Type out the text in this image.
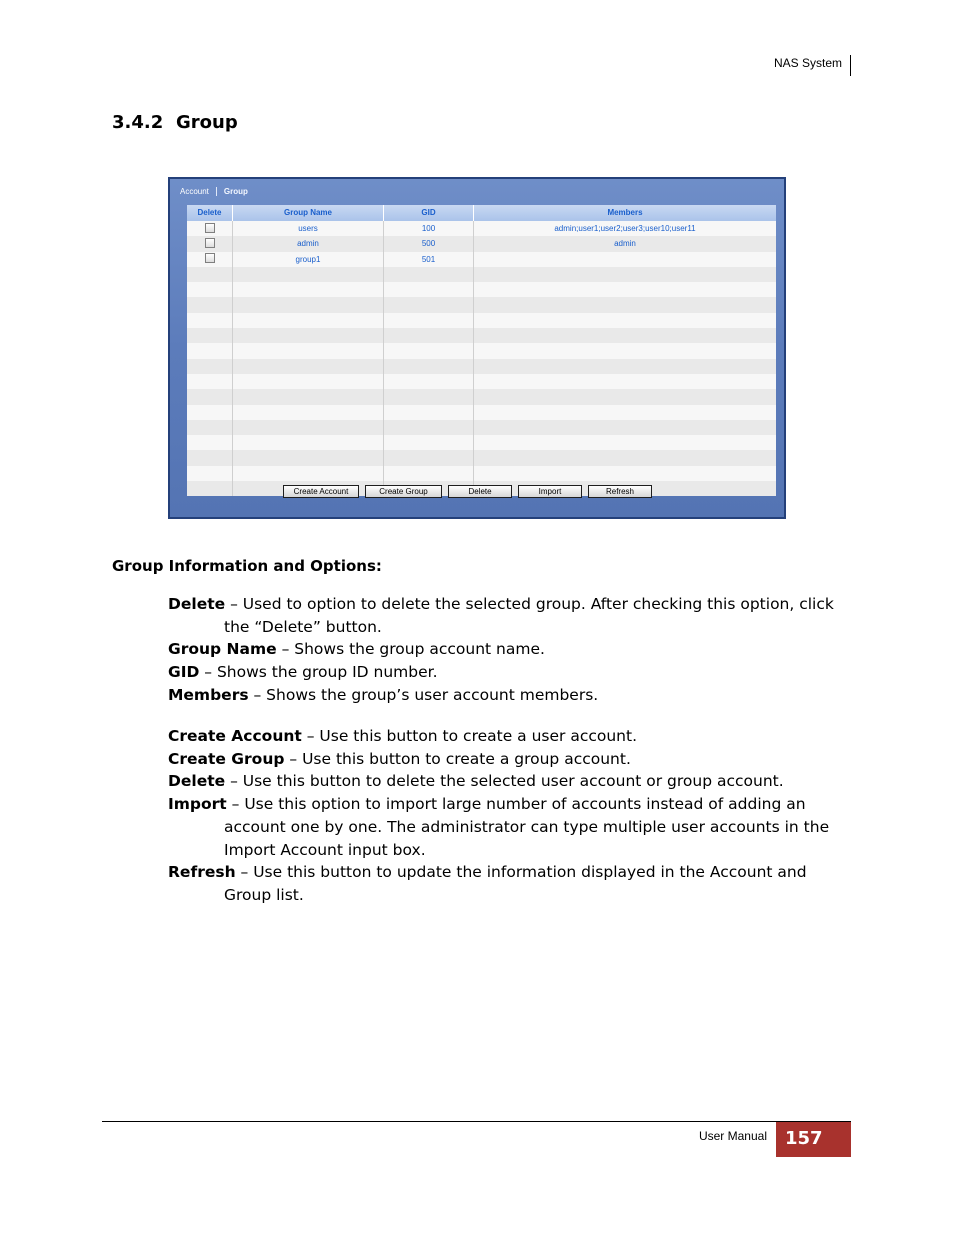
NAS System
3.4.2 Group
Account Group
Delete	Group Name	GID	Members
users	100	admin;user1;user2;user3;user10;user11
admin	500	admin
group1	501
Create Account	Create Group	Delete	Import	Refresh
Group Information and Options:

Delete – Used to option to delete the selected group. After checking this option, click the “Delete” button.

Group Name – Shows the group account name.

GID – Shows the group ID number.

Members – Shows the group’s user account members.

Create Account – Use this button to create a user account.

Create Group – Use this button to create a group account.

Delete – Use this button to delete the selected user account or group account.

Import – Use this option to import large number of accounts instead of adding an account one by one. The administrator can type multiple user accounts in the Import Account input box.

Refresh – Use this button to update the information displayed in the Account and Group list.

User Manual 157
